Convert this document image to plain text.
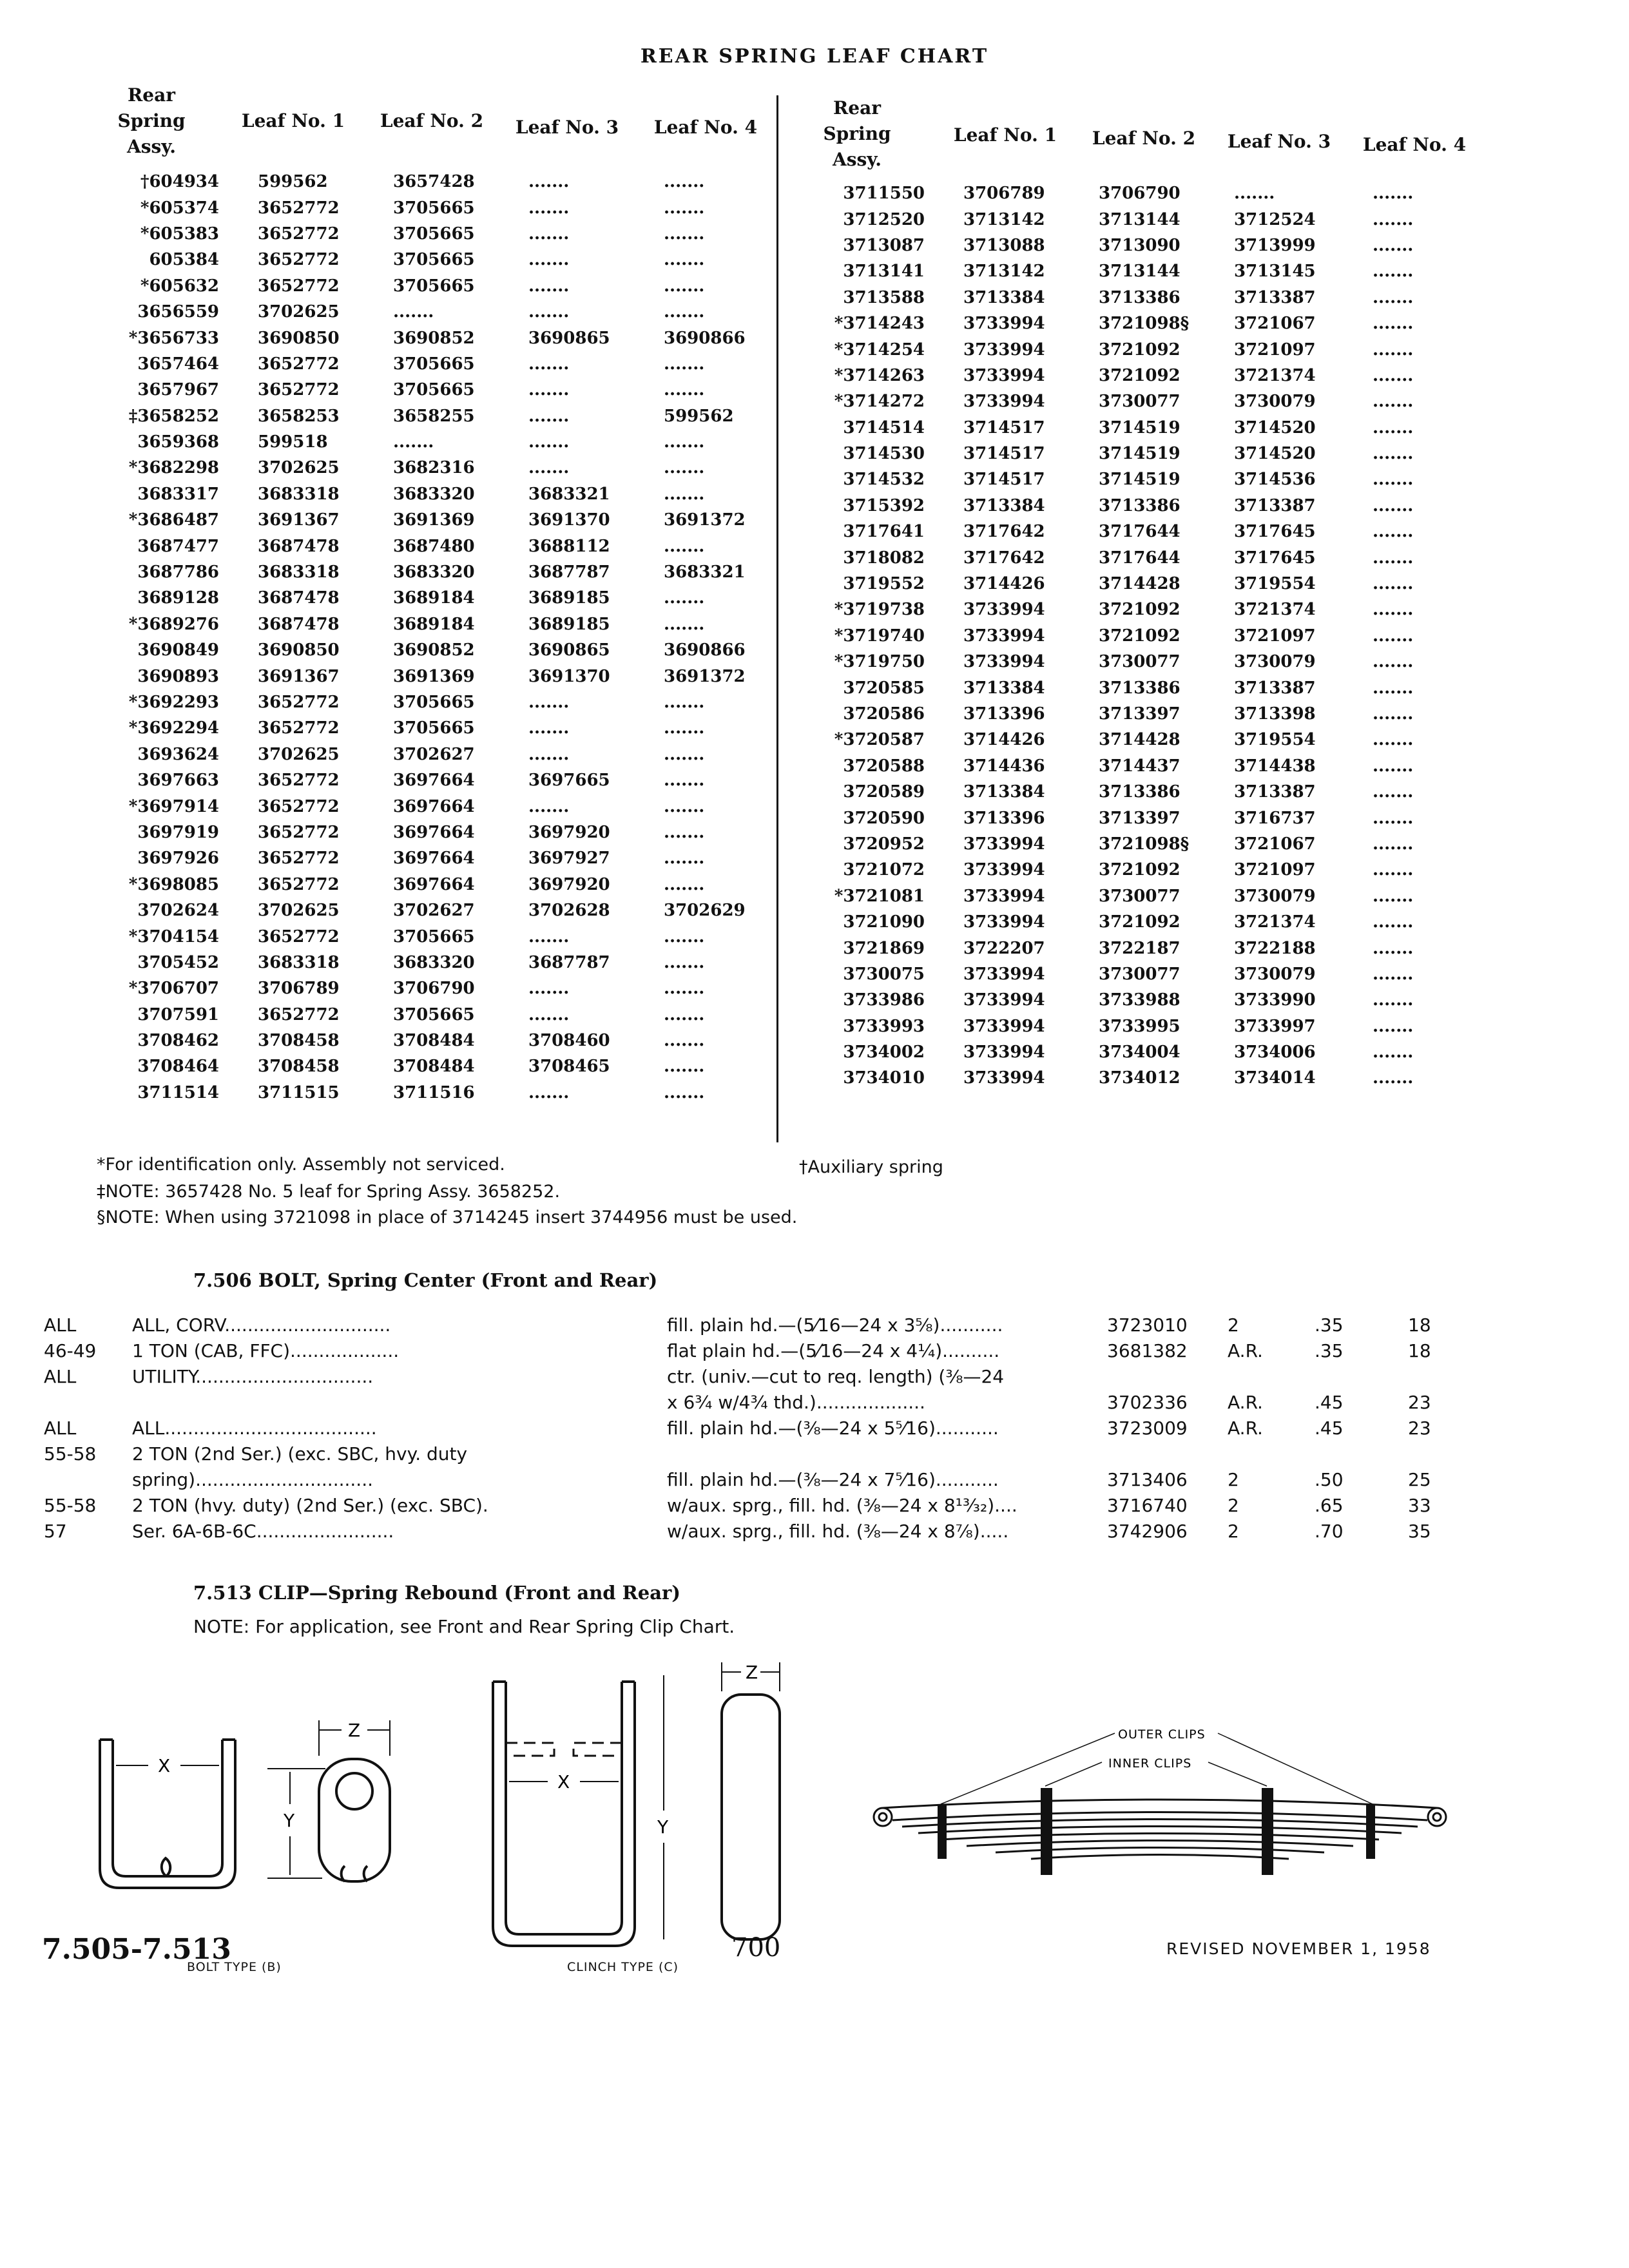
REAR SPRING LEAF CHART
Rear Spring Assy.
Leaf No. 1 Leaf No. 2 Leaf No. 3 Leaf No. 4
†604934	599562	3657428	.......	.......
*605374	3652772	3705665	.......	.......
*605383	3652772	3705665	.......	.......
605384	3652772	3705665	.......	.......
*605632	3652772	3705665	.......	.......
3656559	3702625	.......	.......	.......
*3656733	3690850	3690852	3690865	3690866
3657464	3652772	3705665	.......	.......
3657967	3652772	3705665	.......	.......
‡3658252	3658253	3658255	.......	599562
3659368	599518	.......	.......	.......
*3682298	3702625	3682316	.......	.......
3683317	3683318	3683320	3683321	.......
*3686487	3691367	3691369	3691370	3691372
3687477	3687478	3687480	3688112	.......
3687786	3683318	3683320	3687787	3683321
3689128	3687478	3689184	3689185	.......
*3689276	3687478	3689184	3689185	.......
3690849	3690850	3690852	3690865	3690866
3690893	3691367	3691369	3691370	3691372
*3692293	3652772	3705665	.......	.......
*3692294	3652772	3705665	.......	.......
3693624	3702625	3702627	.......	.......
3697663	3652772	3697664	3697665	.......
*3697914	3652772	3697664	.......	.......
3697919	3652772	3697664	3697920	.......
3697926	3652772	3697664	3697927	.......
*3698085	3652772	3697664	3697920	.......
3702624	3702625	3702627	3702628	3702629
*3704154	3652772	3705665	.......	.......
3705452	3683318	3683320	3687787	.......
*3706707	3706789	3706790	.......	.......
3707591	3652772	3705665	.......	.......
3708462	3708458	3708484	3708460	.......
3708464	3708458	3708484	3708465	.......
3711514	3711515	3711516	.......	.......
Rear Spring Assy.
Leaf No. 1 Leaf No. 2 Leaf No. 3 Leaf No. 4
3711550	3706789	3706790	.......	.......
3712520	3713142	3713144	3712524	.......
3713087	3713088	3713090	3713999	.......
3713141	3713142	3713144	3713145	.......
3713588	3713384	3713386	3713387	.......
*3714243	3733994	3721098§	3721067	.......
*3714254	3733994	3721092	3721097	.......
*3714263	3733994	3721092	3721374	.......
*3714272	3733994	3730077	3730079	.......
3714514	3714517	3714519	3714520	.......
3714530	3714517	3714519	3714520	.......
3714532	3714517	3714519	3714536	.......
3715392	3713384	3713386	3713387	.......
3717641	3717642	3717644	3717645	.......
3718082	3717642	3717644	3717645	.......
3719552	3714426	3714428	3719554	.......
*3719738	3733994	3721092	3721374	.......
*3719740	3733994	3721092	3721097	.......
*3719750	3733994	3730077	3730079	.......
3720585	3713384	3713386	3713387	.......
3720586	3713396	3713397	3713398	.......
*3720587	3714426	3714428	3719554	.......
3720588	3714436	3714437	3714438	.......
3720589	3713384	3713386	3713387	.......
3720590	3713396	3713397	3716737	.......
3720952	3733994	3721098§	3721067	.......
3721072	3733994	3721092	3721097	.......
*3721081	3733994	3730077	3730079	.......
3721090	3733994	3721092	3721374	.......
3721869	3722207	3722187	3722188	.......
3730075	3733994	3730077	3730079	.......
3733986	3733994	3733988	3733990	.......
3733993	3733994	3733995	3733997	.......
3734002	3733994	3734004	3734006	.......
3734010	3733994	3734012	3734014	.......
*For identification only. Assembly not serviced.	†Auxiliary spring
‡NOTE: 3657428 No. 5 leaf for Spring Assy. 3658252.
§NOTE: When using 3721098 in place of 3714245 insert 3744956 must be used.
7.506 BOLT, Spring Center (Front and Rear)
ALL	ALL, CORV.............................	fill. plain hd.—(5⁄16—24 x 3⅝)...........	3723010 2	.35	18
46-49 1 TON (CAB, FFC)...................	flat plain hd.—(5⁄16—24 x 4¼)..........	3681382 A.R.	.35	18
ALL	UTILITY...............................	ctr. (univ.—cut to req. length) (⅜—24
x 6¾ w/4¾ thd.)...................	3702336 A.R.	.45	23
ALL	ALL.....................................	fill. plain hd.—(⅜—24 x 5⁵⁄16)...........	3723009 A.R.	.45	23
55-58 2 TON (2nd Ser.) (exc. SBC, hvy. duty
spring)...............................	fill. plain hd.—(⅜—24 x 7⁵⁄16)...........	3713406 2	.50	25
55-58 2 TON (hvy. duty) (2nd Ser.) (exc. SBC).	w/aux. sprg., fill. hd. (⅜—24 x 8¹³⁄₃₂)....	3716740 2	.65	33
57	Ser. 6A-6B-6C........................	w/aux. sprg., fill. hd. (⅜—24 x 8⅞).....	3742906 2	.70	35
7.513 CLIP—Spring Rebound (Front and Rear)
NOTE: For application, see Front and Rear Spring Clip Chart.
X
Y
Z
BOLT TYPE (B)
X
Y
Z
CLINCH TYPE (C)
OUTER CLIPS
INNER CLIPS
7.505-7.513	700	REVISED NOVEMBER 1, 1958
